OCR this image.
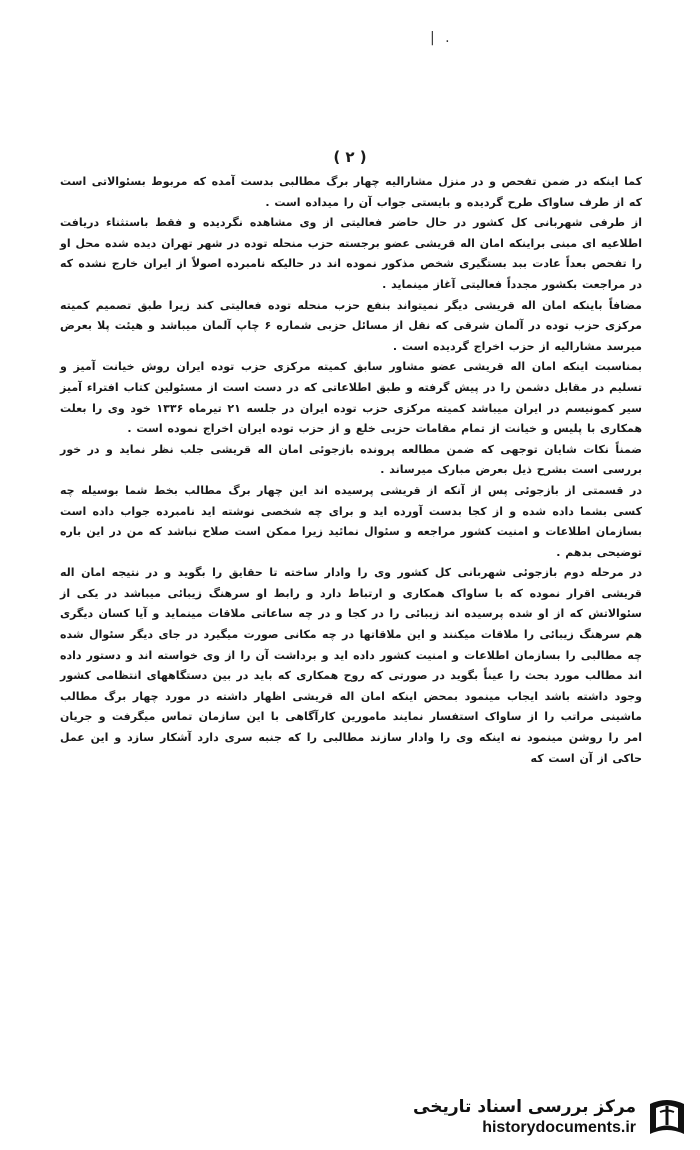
| .
( ۲ )

کما اینکه در ضمن تفحص و در منزل مشارالیه چهار برگ مطالبی بدست آمده که مربوط بسئوالاتی است که از طرف ساواک طرح گردیده و بایستی جواب آن را میداده است .

از طرفی شهربانی کل کشور در حال حاضر فعالیتی از وی مشاهده نگردیده و فقط باستثناء دریافت اطلاعیه ای مبنی براینکه امان اله قریشی عضو برجسته حزب منحله توده در شهر تهران دیده شده محل او را تفحص بعداً عادت ببد بستگیری شخص مذکور نموده اند در حالیکه نامبرده اصولاً از ایران خارج نشده که در مراجعت بکشور مجدداً فعالیتی آغاز مینماید .

مضافاً باینکه امان اله قریشی دیگر نمیتواند بنفع حزب منحله توده فعالیتی کند زیرا طبق تصمیم کمیته مرکزی حزب توده در آلمان شرقی که نقل از مسائل حزبی شماره ۶ چاپ آلمان میباشد و هیئت پلا بعرض میرسد مشارالیه از حزب اخراج گردیده است .

بمناسبت اینکه امان اله قریشی عضو مشاور سابق کمیته مرکزی حزب توده ایران روش خیانت آمیز و تسلیم در مقابل دشمن را در پیش گرفته و طبق اطلاعاتی که در دست است از مسئولین کتاب افتراء آمیز سیر کمونیسم در ایران میباشد کمیته مرکزی حزب توده ایران در جلسه ۲۱ تیرماه ۱۳۳۶ خود وی را بعلت همکاری با پلیس و خیانت از تمام مقامات حزبی خلع و از حزب توده ایران اخراج نموده است .

ضمناً نکات شایان توجهی که ضمن مطالعه پرونده بازجوئی امان اله قریشی جلب نظر نماید و در خور بررسی است بشرح ذیل بعرض مبارک میرساند .

در قسمتی از بازجوئی پس از آنکه از قریشی پرسیده اند این چهار برگ مطالب بخط شما بوسیله چه کسی بشما داده شده و از کجا بدست آورده اید و برای چه شخصی نوشته اید نامبرده جواب داده است بسازمان اطلاعات و امنیت کشور مراجعه و سئوال نمائید زیرا ممکن است صلاح نباشد که من در این باره توضیحی بدهم .

در مرحله دوم بازجوئی شهربانی کل کشور وی را وادار ساخته تا حقایق را بگوید و در نتیجه امان اله قریشی اقرار نموده که با ساواک همکاری و ارتباط دارد و رابط او سرهنگ زیبائی میباشد در یکی از سئوالاتش که از او شده پرسیده اند زیبائی را در کجا و در چه ساعاتی ملاقات مینماید و آیا کسان دیگری هم سرهنگ زیبائی را ملاقات میکنند و این ملاقاتها در چه مکانی صورت میگیرد در جای دیگر سئوال شده چه مطالبی را بسازمان اطلاعات و امنیت کشور داده اید و برداشت آن را از وی خواسته اند و دستور داده اند مطالب مورد بحث را عیناً بگوید در صورتی که روح همکاری که باید در بین دستگاههای انتظامی کشور وجود داشته باشد ایجاب مینمود بمحض اینکه امان اله قریشی اظهار داشته در مورد چهار برگ مطالب ماشینی مراتب را از ساواک استفسار نمایند مامورین کارآگاهی با این سازمان تماس میگرفت و جریان امر را روشن مینمود نه اینکه وی را وادار سازند مطالبی را که جنبه سری دارد آشکار سازد و این عمل حاکی از آن است که

مرکز بررسی اسناد تاریخی
historydocuments.ir
